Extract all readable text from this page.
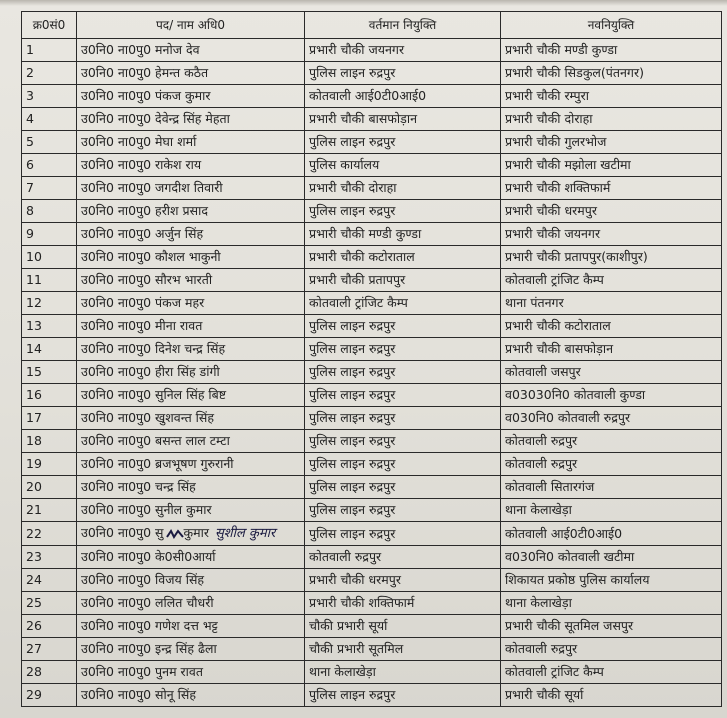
क्र0सं0	पद/ नाम अधि0	वर्तमान नियुक्ति	नवनियुक्ति
1	उ0नि0 ना0पु0 मनोज देव	प्रभारी चौकी जयनगर	प्रभारी चौकी मण्डी कुण्डा
2	उ0नि0 ना0पु0 हेमन्त कठैत	पुलिस लाइन रुद्रपुर	प्रभारी चौकी सिडकुल(पंतनगर)
3	उ0नि0 ना0पु0 पंकज कुमार	कोतवाली आई0टी0आई0	प्रभारी चौकी रम्पुरा
4	उ0नि0 ना0पु0 देवेन्द्र सिंह मेहता	प्रभारी चौकी बासफोड़ान	प्रभारी चौकी दोराहा
5	उ0नि0 ना0पु0 मेघा शर्मा	पुलिस लाइन रुद्रपुर	प्रभारी चौकी गुलरभोज
6	उ0नि0 ना0पु0 राकेश राय	पुलिस कार्यालय	प्रभारी चौकी मझोला खटीमा
7	उ0नि0 ना0पु0 जगदीश तिवारी	प्रभारी चौकी दोराहा	प्रभारी चौकी शक्तिफार्म
8	उ0नि0 ना0पु0 हरीश प्रसाद	पुलिस लाइन रुद्रपुर	प्रभारी चौकी धरमपुर
9	उ0नि0 ना0पु0 अर्जुन सिंह	प्रभारी चौकी मण्डी कुण्डा	प्रभारी चौकी जयनगर
10	उ0नि0 ना0पु0 कौशल भाकुनी	प्रभारी चौकी कटोराताल	प्रभारी चौकी प्रतापपुर(काशीपुर)
11	उ0नि0 ना0पु0 सौरभ भारती	प्रभारी चौकी प्रतापपुर	कोतवाली ट्रांजिट कैम्प
12	उ0नि0 ना0पु0 पंकज महर	कोतवाली ट्रांजिट कैम्प	थाना पंतनगर
13	उ0नि0 ना0पु0 मीना रावत	पुलिस लाइन रुद्रपुर	प्रभारी चौकी कटोराताल
14	उ0नि0 ना0पु0 दिनेश चन्द्र सिंह	पुलिस लाइन रुद्रपुर	प्रभारी चौकी बासफोड़ान
15	उ0नि0 ना0पु0 हीरा सिंह डांगी	पुलिस लाइन रुद्रपुर	कोतवाली जसपुर
16	उ0नि0 ना0पु0 सुनिल सिंह बिष्ट	पुलिस लाइन रुद्रपुर	व03030नि0 कोतवाली कुण्डा
17	उ0नि0 ना0पु0 खुशवन्त सिंह	पुलिस लाइन रुद्रपुर	व030नि0 कोतवाली रुद्रपुर
18	उ0नि0 ना0पु0 बसन्त लाल टम्टा	पुलिस लाइन रुद्रपुर	कोतवाली रुद्रपुर
19	उ0नि0 ना0पु0 ब्रजभूषण गुरुरानी	पुलिस लाइन रुद्रपुर	कोतवाली रुद्रपुर
20	उ0नि0 ना0पु0 चन्द्र सिंह	पुलिस लाइन रुद्रपुर	कोतवाली सितारगंज
21	उ0नि0 ना0पु0 सुनील कुमार	पुलिस लाइन रुद्रपुर	थाना केलाखेड़ा
22	उ0नि0 ना0पु0 सु कुमार सुशील कुमार	पुलिस लाइन रुद्रपुर	कोतवाली आई0टी0आई0
23	उ0नि0 ना0पु0 के0सी0आर्या	कोतवाली रुद्रपुर	व030नि0 कोतवाली खटीमा
24	उ0नि0 ना0पु0 विजय सिंह	प्रभारी चौकी धरमपुर	शिकायत प्रकोष्ठ पुलिस कार्यालय
25	उ0नि0 ना0पु0 ललित चौधरी	प्रभारी चौकी शक्तिफार्म	थाना केलाखेड़ा
26	उ0नि0 ना0पु0 गणेश दत्त भट्ट	चौकी प्रभारी सूर्या	प्रभारी चौकी सूतमिल जसपुर
27	उ0नि0 ना0पु0 इन्द्र सिंह ढैला	चौकी प्रभारी सूतमिल	कोतवाली रुद्रपुर
28	उ0नि0 ना0पु0 पुनम रावत	थाना केलाखेड़ा	कोतवाली ट्रांजिट कैम्प
29	उ0नि0 ना0पु0 सोनू सिंह	पुलिस लाइन रुद्रपुर	प्रभारी चौकी सूर्या
